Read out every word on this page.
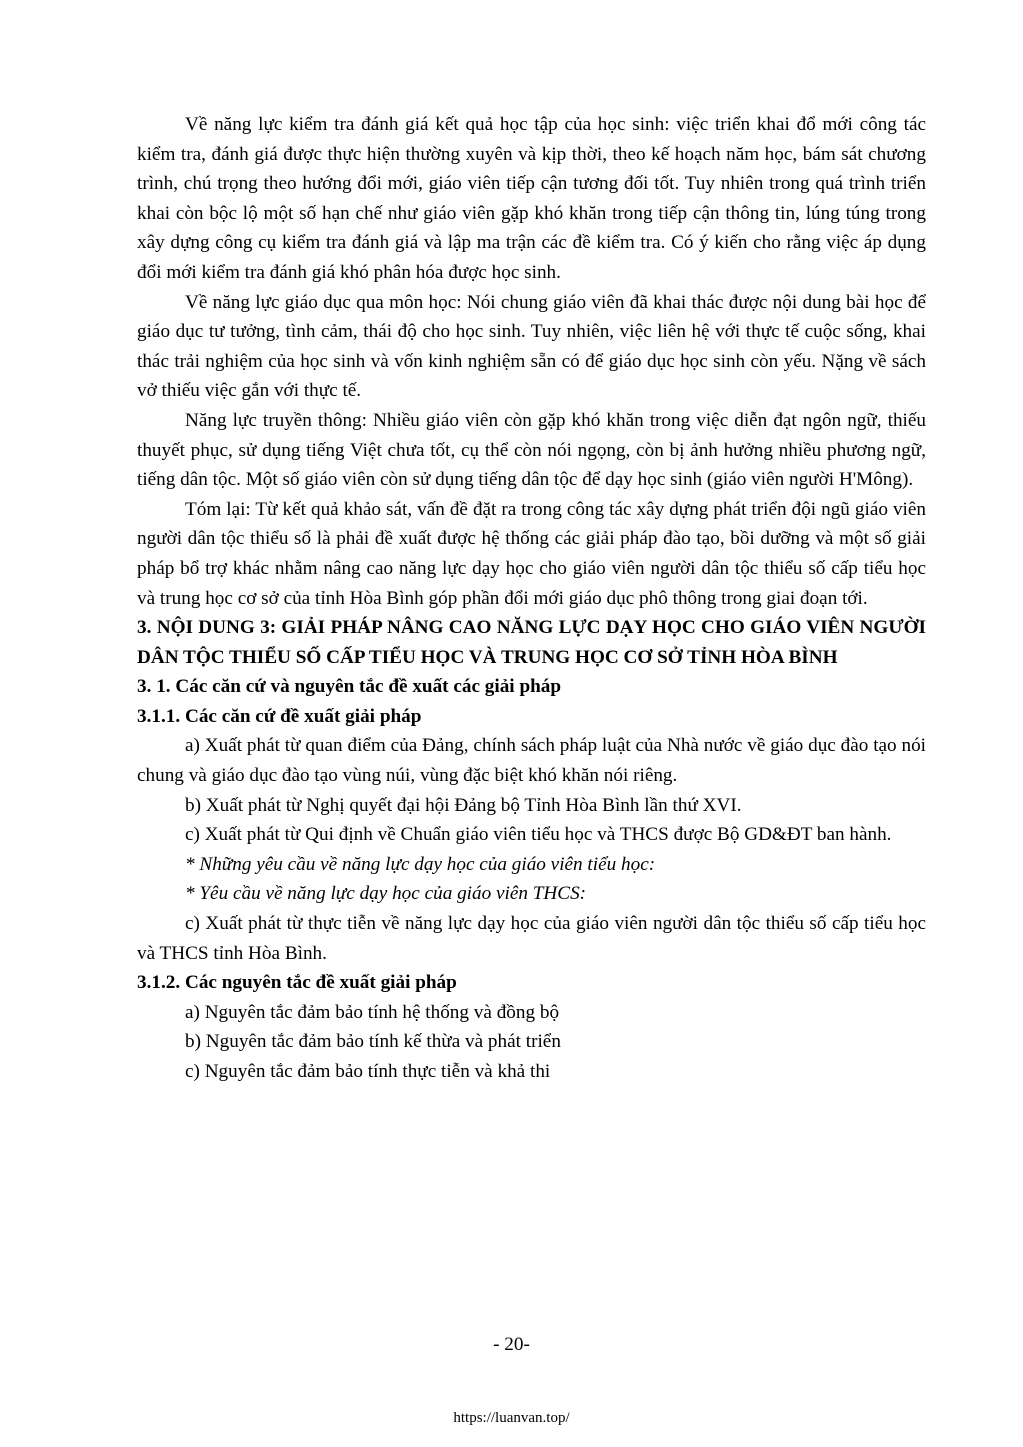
Về năng lực kiểm tra đánh giá kết quả học tập của học sinh: việc triển khai đổ mới công tác kiểm tra, đánh giá được thực hiện thường xuyên và kịp thời, theo kế hoạch năm học, bám sát chương trình, chú trọng theo hướng đổi mới, giáo viên tiếp cận tương đối tốt. Tuy nhiên trong quá trình triển khai còn bộc lộ một số hạn chế như giáo viên gặp khó khăn trong tiếp cận thông tin, lúng túng trong xây dựng công cụ kiểm tra đánh giá và lập ma trận các đề kiểm tra. Có ý kiến cho rằng việc áp dụng đổi mới kiểm tra đánh giá khó phân hóa được học sinh.

Về năng lực giáo dục qua môn học: Nói chung giáo viên đã khai thác được nội dung bài học để giáo dục tư tưởng, tình cảm, thái độ cho học sinh. Tuy nhiên, việc liên hệ với thực tế cuộc sống, khai thác trải nghiệm của học sinh và vốn kinh nghiệm sẵn có để giáo dục học sinh còn yếu. Nặng về sách vở thiếu việc gắn với thực tế.

Năng lực truyền thông: Nhiều giáo viên còn gặp khó khăn trong việc diễn đạt ngôn ngữ, thiếu thuyết phục, sử dụng tiếng Việt chưa tốt, cụ thể còn nói ngọng, còn bị ảnh hưởng nhiều phương ngữ, tiếng dân tộc. Một số giáo viên còn sử dụng tiếng dân tộc để dạy học sinh (giáo viên người H'Mông).

Tóm lại: Từ kết quả khảo sát, vấn đề đặt ra trong công tác xây dựng phát triển đội ngũ giáo viên người dân tộc thiểu số là phải đề xuất được hệ thống các giải pháp đào tạo, bồi dưỡng và một số giải pháp bổ trợ khác nhằm nâng cao năng lực dạy học cho giáo viên người dân tộc thiểu số cấp tiểu học và trung học cơ sở của tỉnh Hòa Bình góp phần đổi mới giáo dục phô thông trong giai đoạn tới.

3. NỘI DUNG 3: GIẢI PHÁP NÂNG CAO NĂNG LỰC DẠY HỌC CHO GIÁO VIÊN NGƯỜI DÂN TỘC THIỂU SỐ CẤP TIỂU HỌC VÀ TRUNG HỌC CƠ SỞ TỈNH HÒA BÌNH

3. 1. Các căn cứ và nguyên tắc đề xuất các giải pháp

3.1.1. Các căn cứ đề xuất giải pháp

a) Xuất phát từ quan điểm của Đảng, chính sách pháp luật của Nhà nước về giáo dục đào tạo nói chung và giáo dục đào tạo vùng núi, vùng đặc biệt khó khăn nói riêng.

b) Xuất phát từ Nghị quyết đại hội Đảng bộ Tỉnh Hòa Bình lần thứ XVI.

c) Xuất phát từ Qui định về Chuẩn giáo viên tiểu học và THCS được Bộ GD&ĐT ban hành.

* Những yêu cầu về năng lực dạy học của giáo viên tiểu học:

* Yêu cầu về năng lực dạy học của giáo viên THCS:

c) Xuất phát từ thực tiễn về năng lực dạy học của giáo viên người dân tộc thiểu số cấp tiểu học và THCS tỉnh Hòa Bình.

3.1.2. Các nguyên tắc đề xuất giải pháp

a) Nguyên tắc đảm bảo tính hệ thống và đồng bộ

b) Nguyên tắc đảm bảo tính kế thừa và phát triển

c) Nguyên tắc đảm bảo tính thực tiễn và khả thi

- 20-
https://luanvan.top/
